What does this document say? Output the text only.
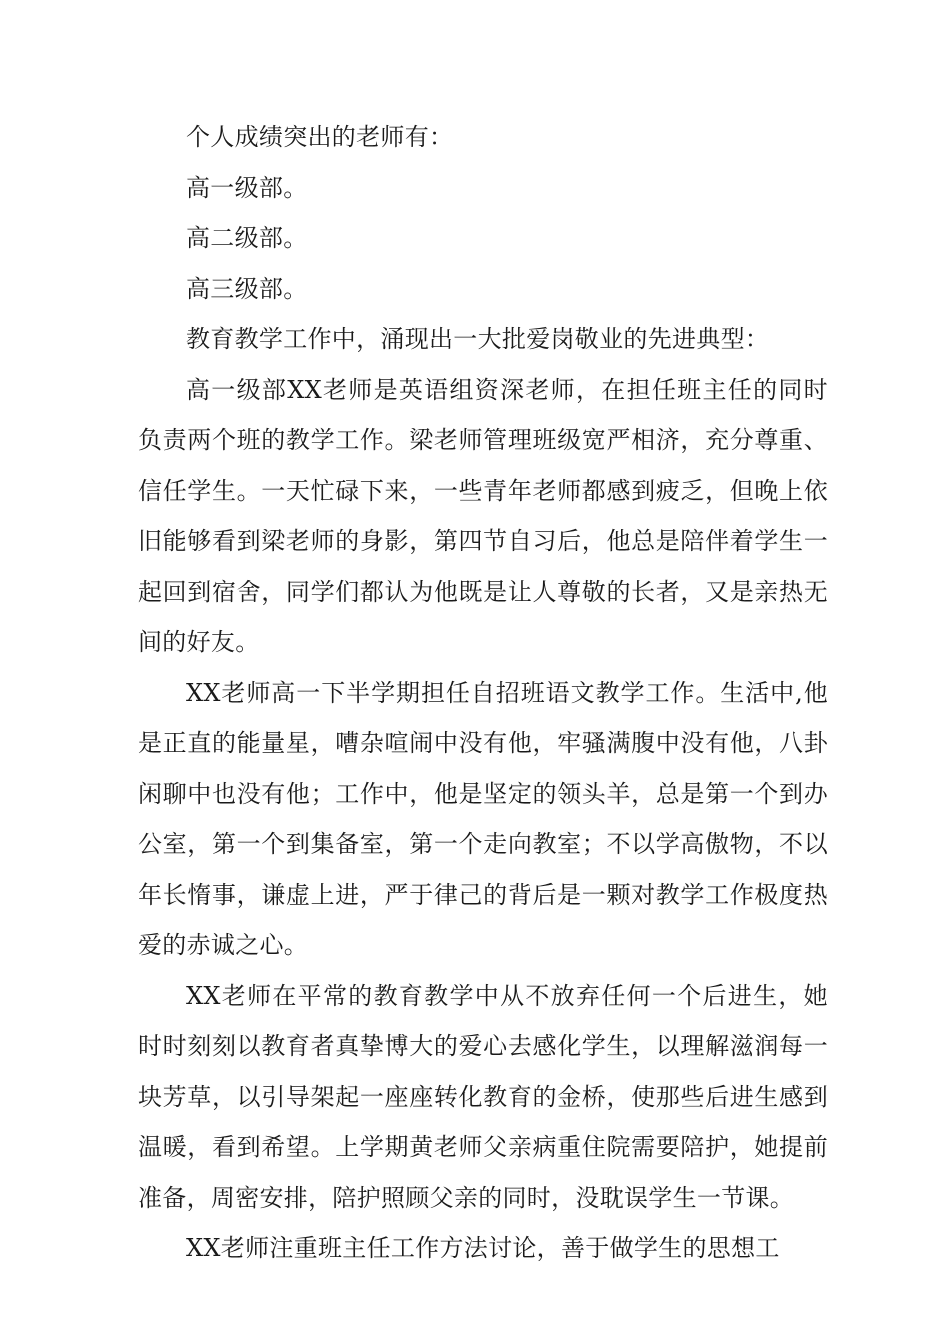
个人成绩突出的老师有：

高一级部。

高二级部。

高三级部。

教育教学工作中，涌现出一大批爱岗敬业的先进典型：

高一级部XX老师是英语组资深老师，在担任班主任的同时负责两个班的教学工作。梁老师管理班级宽严相济，充分尊重、信任学生。一天忙碌下来，一些青年老师都感到疲乏，但晚上依旧能够看到梁老师的身影，第四节自习后，他总是陪伴着学生一起回到宿舍，同学们都认为他既是让人尊敬的长者，又是亲热无间的好友。

XX老师高一下半学期担任自招班语文教学工作。生活中,他是正直的能量星，嘈杂喧闹中没有他，牢骚满腹中没有他，八卦闲聊中也没有他；工作中，他是坚定的领头羊，总是第一个到办公室，第一个到集备室，第一个走向教室；不以学高傲物，不以年长惰事，谦虚上进，严于律己的背后是一颗对教学工作极度热爱的赤诚之心。

XX老师在平常的教育教学中从不放弃任何一个后进生，她时时刻刻以教育者真挚博大的爱心去感化学生，以理解滋润每一块芳草，以引导架起一座座转化教育的金桥，使那些后进生感到温暖，看到希望。上学期黄老师父亲病重住院需要陪护，她提前准备，周密安排，陪护照顾父亲的同时，没耽误学生一节课。

XX老师注重班主任工作方法讨论，善于做学生的思想工
